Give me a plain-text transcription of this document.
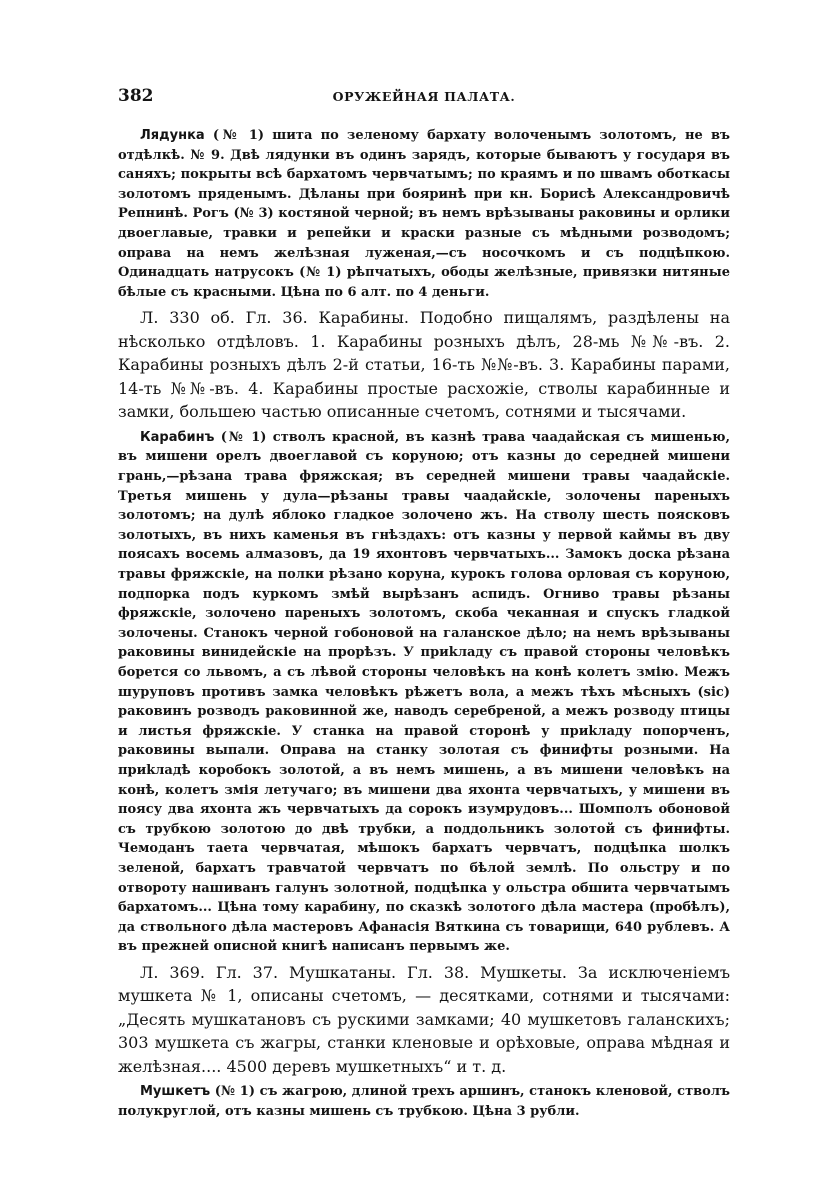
382	ОРУЖЕЙНАЯ ПАЛАТА.

Лядунка (№ 1) шита по зеленому бархату волоченымъ золотомъ, не въ отдѣлкѣ. № 9. Двѣ лядунки въ одинъ зарядъ, которые бываютъ у государя въ саняхъ; покрыты всѣ бархатомъ червчатымъ; по краямъ и по швамъ оботкаcы золотомъ пряденымъ. Дѣланы при бояринѣ при кн. Борисѣ Александровичѣ Репнинѣ. Рогъ (№ 3) костяной черной; въ немъ врѣзываны раковины и орлики двоеглавые, травки и репейки и краски разные съ мѣдными розводомъ; оправа на немъ желѣзная луженая,—съ носочкомъ и съ подцѣпкою. Одинадцать натрусокъ (№ 1) рѣпчатыхъ, ободы желѣзные, привязки нитяные бѣлые съ красными. Цѣна по 6 алт. по 4 деньги.

Л. 330 об. Гл. 36. Карабины. Подобно пищалямъ, раздѣлены на нѣсколько отдѣловъ. 1. Карабины розныхъ дѣлъ, 28-мь №№-въ. 2. Карабины розныхъ дѣлъ 2-й статьи, 16-ть №№-въ. 3. Карабины парами, 14-ть №№-въ. 4. Карабины простые расхожіе, стволы карабинные и замки, большею частью описанные счетомъ, сотнями и тысячами.

Карабинъ (№ 1) стволъ красной, въ казнѣ трава чаадайская съ мишенью, въ мишени орелъ двоеглавой съ коруною; отъ казны до середней мишени грань,—рѣзана трава фряжская; въ середней мишени травы чаадайскіе. Третья мишень у дула—рѣзаны травы чаадайскіе, золочены пареныхъ золотомъ; на дулѣ яблоко гладкое золочено жъ. На стволу шесть поясковъ золотыхъ, въ нихъ каменья въ гнѣздахъ: отъ казны у первой каймы въ дву поясахъ восемь алмазовъ, да 19 яхонтовъ червчатыхъ... Замокъ доска рѣзана травы фряжскіе, на полки рѣзано коруна, курокъ голова орловая съ коруною, подпорка подъ куркомъ змѣй вырѣзанъ аспидъ. Огниво травы рѣзаны фряжскіе, золочено пареныхъ золотомъ, скоба чеканная и спускъ гладкой золочены. Станокъ черной гобоновой на галанское дѣло; на немъ врѣзываны раковины винидейскіе на прорѣзъ. У приkладу съ правой стороны человѣкъ борется со львомъ, а съ лѣвой стороны человѣкъ на конѣ колетъ змію. Межъ шуруповъ противъ замка человѣкъ рѣжетъ вола, а межъ тѣхъ мѣсныхъ (sic) раковинъ розводъ раковинной же, наводъ серебреной, а межъ розводу птицы и листья фряжскіе. У станка на правой сторонѣ у приkладу попорченъ, раковины выпали. Оправа на станку золотая съ финифты розными. На приkладѣ коробокъ золотой, а въ немъ мишень, а въ мишени человѣкъ на конѣ, колетъ змія летучаго; въ мишени два яхонта червчатыхъ, у мишени въ поясу два яхонта жъ червчатыхъ да сорокъ изумрудовъ... Шомполъ обоновой съ трубкою золотою до двѣ трубки, а поддольникъ золотой съ финифты. Чемоданъ таета червчатая, мѣшокъ бархатъ червчатъ, подцѣпка шолкъ зеленой, бархатъ травчатой червчатъ по бѣлой землѣ. По ольстру и по отвороту нашиванъ галунъ золотной, подцѣпка у ольстра обшита червчатымъ бархатомъ... Цѣна тому карабину, по сказкѣ золотого дѣла мастера (пробѣлъ), да ствольного дѣла мастеровъ Афанасія Вяткина съ товарищи, 640 рублевъ. А въ прежней описной книгѣ написанъ первымъ же.

Л. 369. Гл. 37. Мушкатаны. Гл. 38. Мушкеты. За исключеніемъ мушкета № 1, описаны счетомъ, — десятками, сотнями и тысячами: „Десять мушкатановъ съ рускими замками; 40 мушкетовъ галанскихъ; 303 мушкета съ жагры, станки кленовые и орѣховые, оправа мѣдная и желѣзная.... 4500 деревъ мушкетныхъ“ и т. д.

Мушкетъ (№ 1) съ жагрою, длиной трехъ аршинъ, станокъ кленовой, стволъ полукруглой, отъ казны мишень съ трубкою. Цѣна 3 рубли.
